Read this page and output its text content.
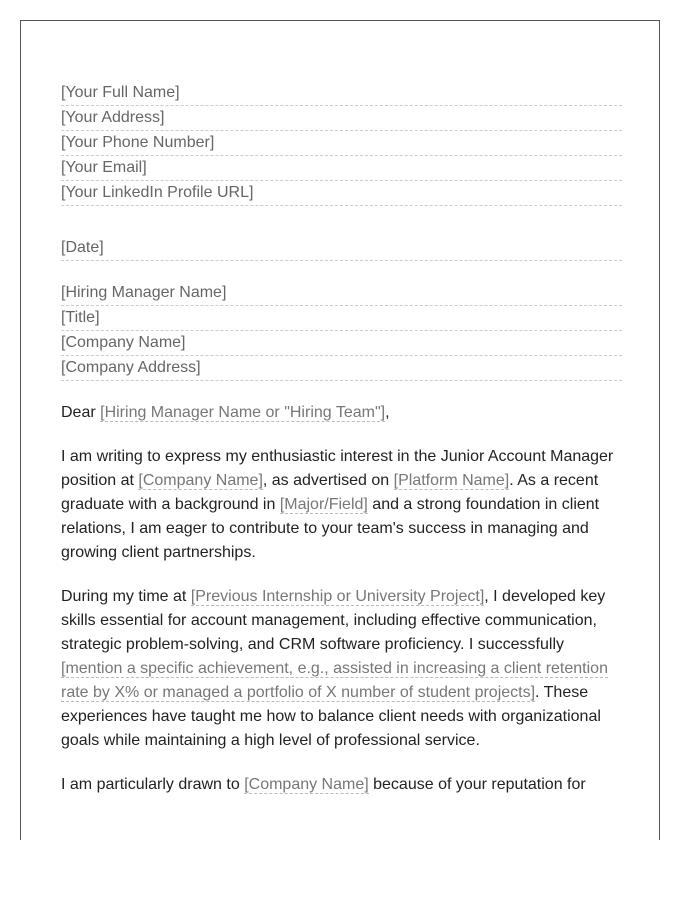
[Your Full Name]
[Your Address]
[Your Phone Number]
[Your Email]
[Your LinkedIn Profile URL]
[Date]
[Hiring Manager Name]
[Title]
[Company Name]
[Company Address]

Dear [Hiring Manager Name or "Hiring Team"],

I am writing to express my enthusiastic interest in the Junior Account Manager position at [Company Name], as advertised on [Platform Name]. As a recent graduate with a background in [Major/Field] and a strong foundation in client relations, I am eager to contribute to your team's success in managing and growing client partnerships.

During my time at [Previous Internship or University Project], I developed key skills essential for account management, including effective communication, strategic problem-solving, and CRM software proficiency. I successfully [mention a specific achievement, e.g., assisted in increasing a client retention rate by X% or managed a portfolio of X number of student projects]. These experiences have taught me how to balance client needs with organizational goals while maintaining a high level of professional service.

I am particularly drawn to [Company Name] because of your reputation for
